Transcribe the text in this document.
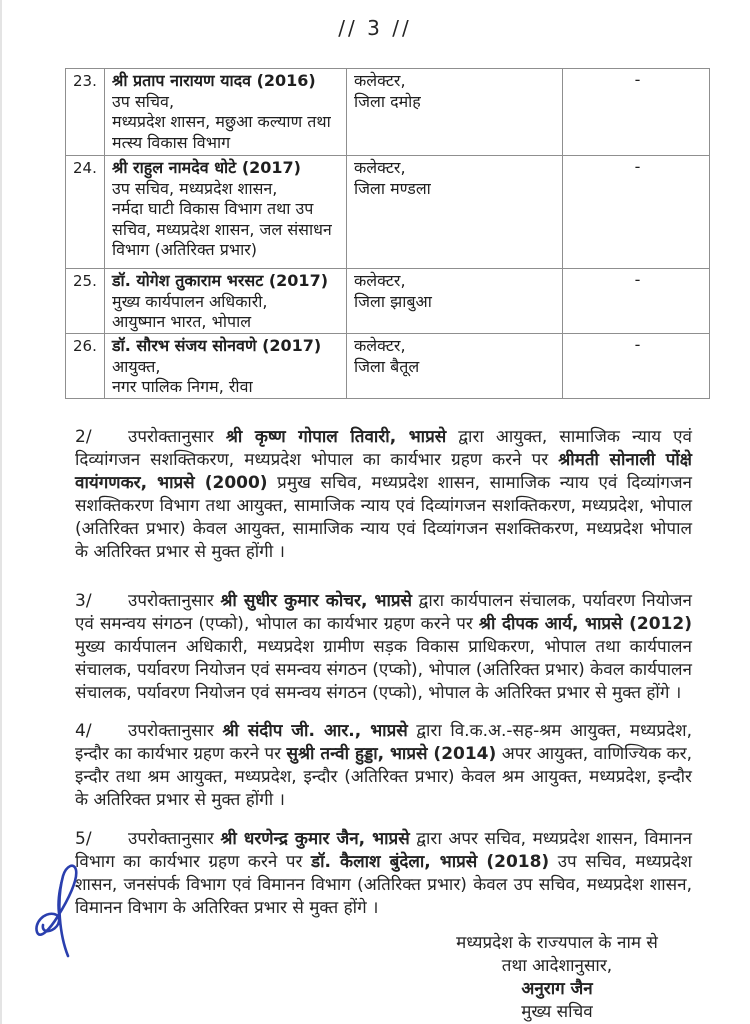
// 3 //
23. श्री प्रताप नारायण यादव (2016)
उप सचिव,
मध्यप्रदेश शासन, मछुआ कल्याण तथा
मत्स्य विकास विभाग
कलेक्टर,
जिला दमोह
-
24. श्री राहुल नामदेव धोटे (2017)
उप सचिव, मध्यप्रदेश शासन,
नर्मदा घाटी विकास विभाग तथा उप
सचिव, मध्यप्रदेश शासन, जल संसाधन
विभाग (अतिरिक्त प्रभार)
कलेक्टर,
जिला मण्डला
-
25. डॉ. योगेश तुकाराम भरसट (2017)
मुख्य कार्यपालन अधिकारी,
आयुष्मान भारत, भोपाल
कलेक्टर,
जिला झाबुआ
-
26. डॉ. सौरभ संजय सोनवणे (2017)
आयुक्त,
नगर पालिक निगम, रीवा
कलेक्टर,
जिला बैतूल
-

2/ उपरोक्तानुसार श्री कृष्ण गोपाल तिवारी, भाप्रसे द्वारा आयुक्त, सामाजिक न्याय एवं दिव्यांगजन सशक्तिकरण, मध्यप्रदेश भोपाल का कार्यभार ग्रहण करने पर श्रीमती सोनाली पोंक्षे वायंगणकर, भाप्रसे (2000) प्रमुख सचिव, मध्यप्रदेश शासन, सामाजिक न्याय एवं दिव्यांगजन सशक्तिकरण विभाग तथा आयुक्त, सामाजिक न्याय एवं दिव्यांगजन सशक्तिकरण, मध्यप्रदेश, भोपाल (अतिरिक्त प्रभार) केवल आयुक्त, सामाजिक न्याय एवं दिव्यांगजन सशक्तिकरण, मध्यप्रदेश भोपाल के अतिरिक्त प्रभार से मुक्त होंगी ।

3/ उपरोक्तानुसार श्री सुधीर कुमार कोचर, भाप्रसे द्वारा कार्यपालन संचालक, पर्यावरण नियोजन एवं समन्वय संगठन (एप्को), भोपाल का कार्यभार ग्रहण करने पर श्री दीपक आर्य, भाप्रसे (2012) मुख्य कार्यपालन अधिकारी, मध्यप्रदेश ग्रामीण सड़क विकास प्राधिकरण, भोपाल तथा कार्यपालन संचालक, पर्यावरण नियोजन एवं समन्वय संगठन (एप्को), भोपाल (अतिरिक्त प्रभार) केवल कार्यपालन संचालक, पर्यावरण नियोजन एवं समन्वय संगठन (एप्को), भोपाल के अतिरिक्त प्रभार से मुक्त होंगे ।

4/ उपरोक्तानुसार श्री संदीप जी. आर., भाप्रसे द्वारा वि.क.अ.-सह-श्रम आयुक्त, मध्यप्रदेश, इन्दौर का कार्यभार ग्रहण करने पर सुश्री तन्वी हुड्डा, भाप्रसे (2014) अपर आयुक्त, वाणिज्यिक कर, इन्दौर तथा श्रम आयुक्त, मध्यप्रदेश, इन्दौर (अतिरिक्त प्रभार) केवल श्रम आयुक्त, मध्यप्रदेश, इन्दौर के अतिरिक्त प्रभार से मुक्त होंगी ।

5/ उपरोक्तानुसार श्री धरणेन्द्र कुमार जैन, भाप्रसे द्वारा अपर सचिव, मध्यप्रदेश शासन, विमानन विभाग का कार्यभार ग्रहण करने पर डॉ. कैलाश बुंदेला, भाप्रसे (2018) उप सचिव, मध्यप्रदेश शासन, जनसंपर्क विभाग एवं विमानन विभाग (अतिरिक्त प्रभार) केवल उप सचिव, मध्यप्रदेश शासन, विमानन विभाग के अतिरिक्त प्रभार से मुक्त होंगे ।

मध्यप्रदेश के राज्यपाल के नाम से
तथा आदेशानुसार,
अनुराग जैन
मुख्य सचिव
